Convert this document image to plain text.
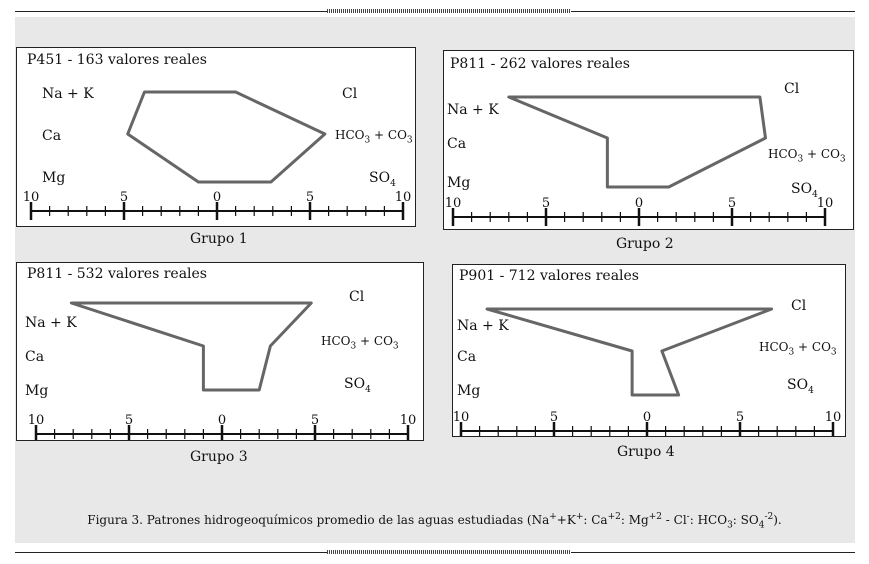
P451 - 163 valores reales
Na + K
Ca
Mg
Cl
$HCO_3 + CO_3$
$SO_4$
10	5	0	5	10
Grupo 1
P811 - 262 valores reales
Na + K
Ca
Mg
Cl
$HCO_3 + CO_3$
$SO_4$
10	5	0	5	10
Grupo 2
P811 - 532 valores reales
Na + K
Ca
Mg
Cl
$HCO_3 + CO_3$
$SO_4$
10	5	0	5	10
Grupo 3
P901 - 712 valores reales
Na + K
Ca
Mg
Cl
$HCO_3 + CO_3$
$SO_4$
10	5	0	5	10
Grupo 4
Figura 3. Patrones hidrogeoquímicos promedio de las aguas estudiadas (Na++K+: $Ca^{+2}$: $Mg^{+2} - Cl^-$: $HCO_3$: $SO_4^{-2}$).
